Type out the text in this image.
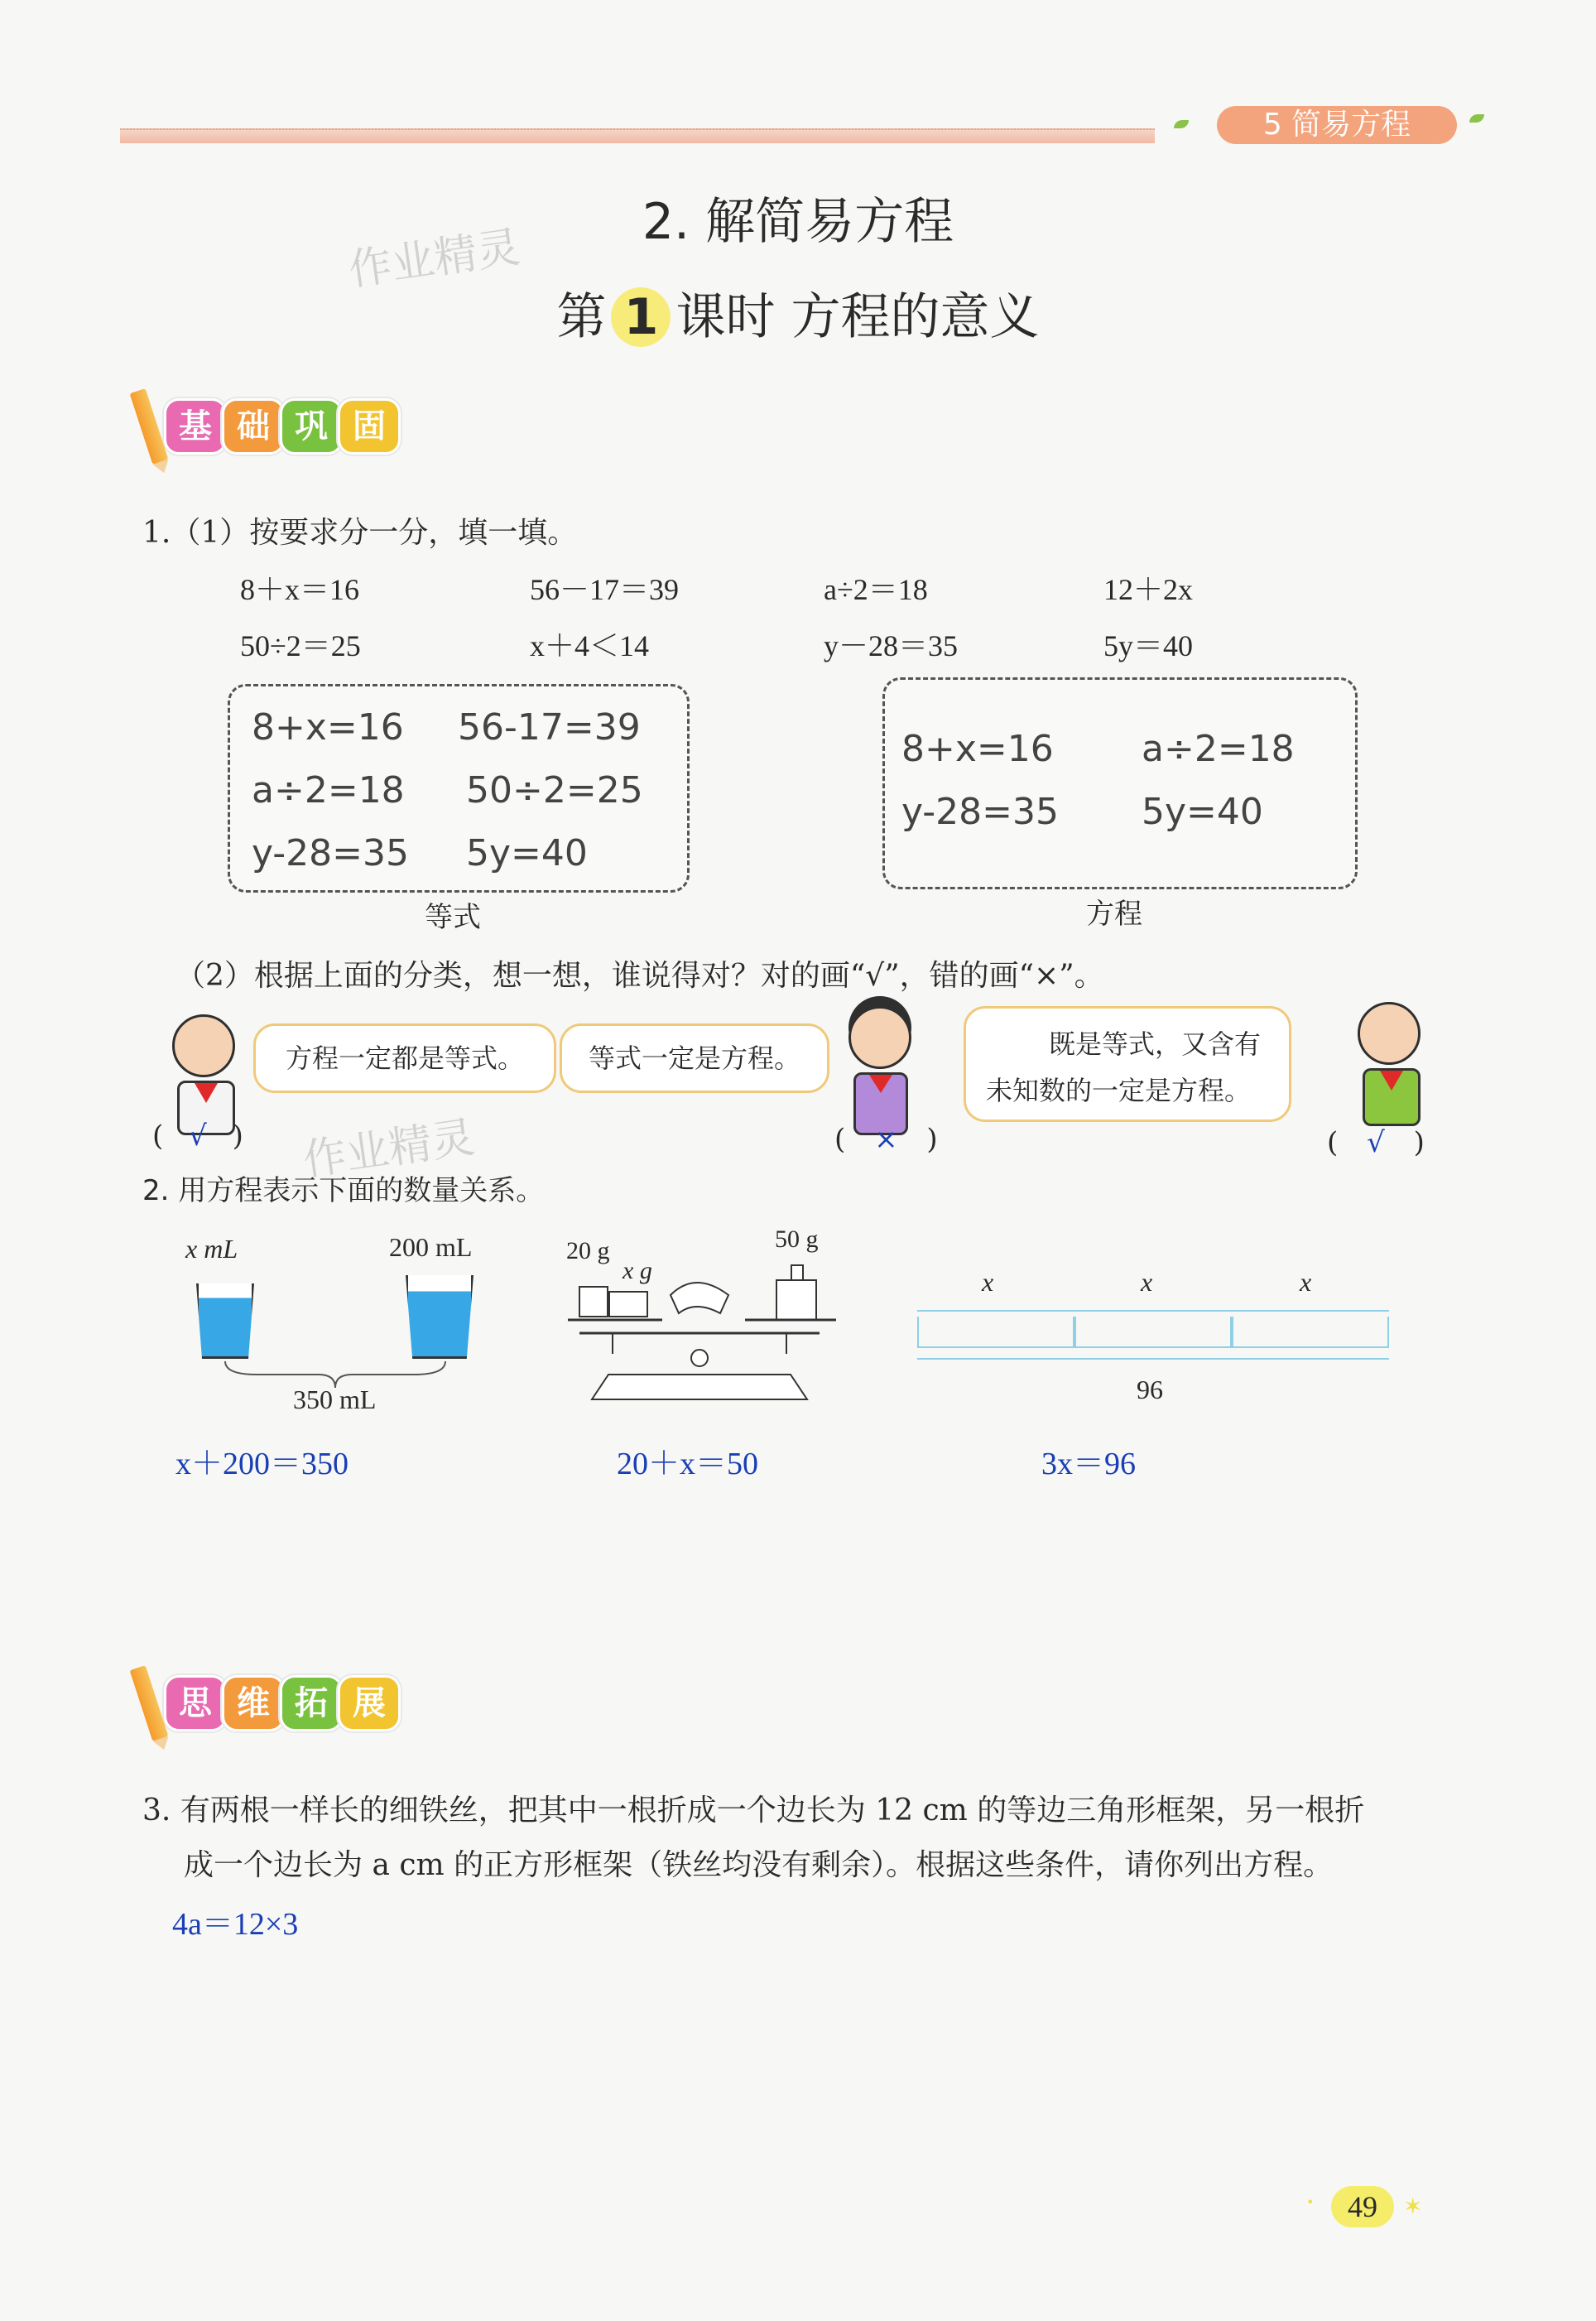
5 简易方程
2. 解简易方程
作业精灵
第 1 课时 方程的意义
基 础 巩 固
1.（1）按要求分一分，填一填。
8＋x＝16	56－17＝39	a÷2＝18	12＋2x
50÷2＝25	x＋4＜14	y－28＝35	5y＝40
8+x=16 56-17=39
a÷2=18 50÷2=25
y-28=35 5y=40
等式
8+x=16 a÷2=18
y-28=35 5y=40
方程
（2）根据上面的分类，想一想，谁说得对？对的画“√”，错的画“×”。
方程一定都是等式。	等式一定是方程。	既是等式，又含有
未知数的一定是方程。
( √ )	作业精灵	( × )	( √ )
2. 用方程表示下面的数量关系。
x mL	200 mL
350 mL
20 g
x g
50 g
x	x	x
96
x＋200＝350	20＋x＝50	3x＝96
思 维 拓 展
3. 有两根一样长的细铁丝，把其中一根折成一个边长为 12 cm 的等边三角形框架，另一根折
成一个边长为 a cm 的正方形框架（铁丝均没有剩余）。根据这些条件，请你列出方程。
4a＝12×3
•	49	✶
